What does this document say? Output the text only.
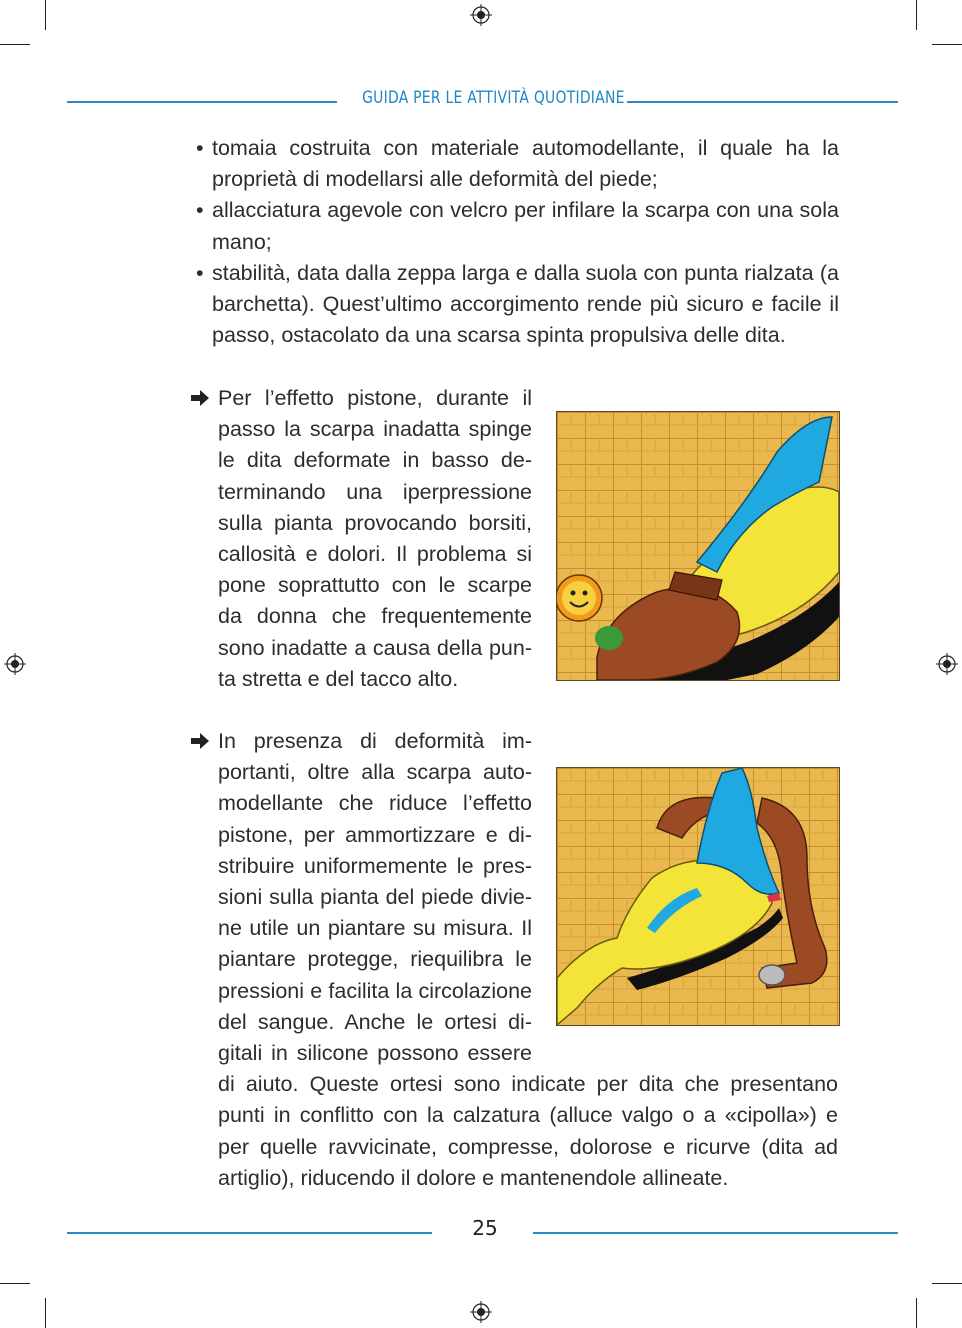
GUIDA PER LE ATTIVITÀ QUOTIDIANE
• tomaia costruita con materiale automodellante, il quale ha la proprietà di modellarsi alle deformità del piede;
• allacciatura agevole con velcro per infilare la scarpa con una sola mano;
• stabilità, data dalla zeppa larga e dalla suola con punta rialzata (a barchetta). Quest’ultimo accorgimento rende più sicuro e facile il passo, ostacolato da una scarsa spinta propulsiva delle dita.
Per l’effetto pistone, durante il
passo la scarpa inadatta spinge
le dita deformate in basso de-
terminando una iperpressione
sulla pianta provocando borsiti,
callosità e dolori. Il problema si
pone soprattutto con le scarpe
da donna che frequentemente
sono inadatte a causa della pun-
ta stretta e del tacco alto.
In presenza di deformità im-
portanti, oltre alla scarpa auto-
modellante che riduce l’effetto
pistone, per ammortizzare e di-
stribuire uniformemente le pres-
sioni sulla pianta del piede divie-
ne utile un piantare su misura. Il
piantare protegge, riequilibra le
pressioni e facilita la circolazione
del sangue. Anche le ortesi di-
gitali in silicone possono essere
di aiuto. Queste ortesi sono indicate per dita che presentano
punti in conflitto con la calzatura (alluce valgo o a «cipolla») e
per quelle ravvicinate, compresse, dolorose e ricurve (dita ad
artiglio), riducendo il dolore e mantenendole allineate.
25
